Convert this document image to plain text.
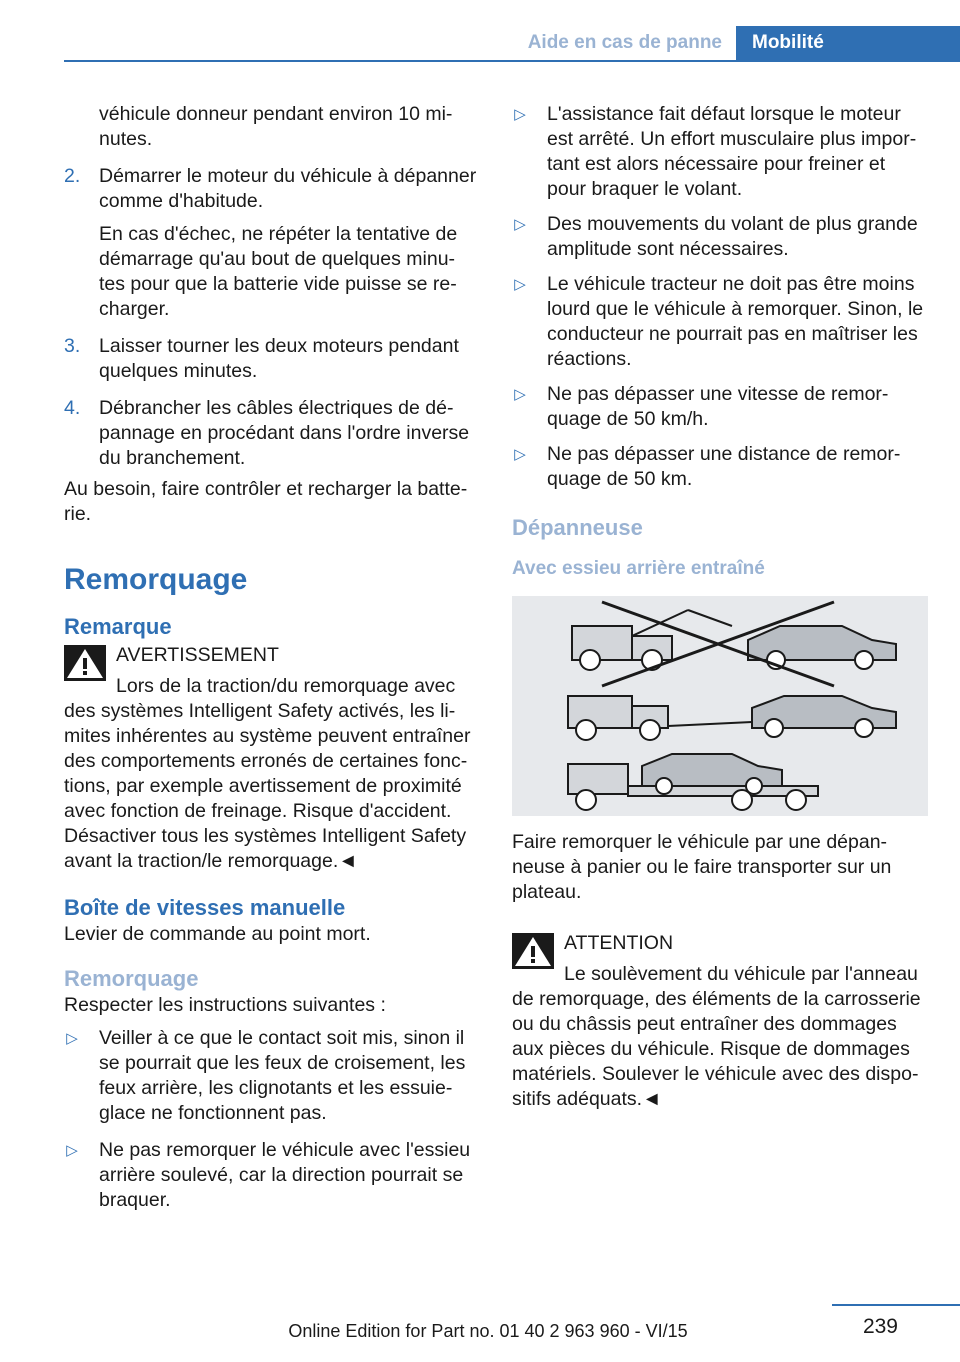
Aide en cas de panne	Mobilité
véhicule donneur pendant environ 10 mi-
nutes.
2. Démarrer le moteur du véhicule à dépanner
comme d'habitude.
En cas d'échec, ne répéter la tentative de
démarrage qu'au bout de quelques minu-
tes pour que la batterie vide puisse se re-
charger.
3. Laisser tourner les deux moteurs pendant
quelques minutes.
4. Débrancher les câbles électriques de dé-
pannage en procédant dans l'ordre inverse
du branchement.

Au besoin, faire contrôler et recharger la batte-
rie.

Remorquage
Remarque
AVERTISSEMENT
Lors de la traction/du remorquage avec
des systèmes Intelligent Safety activés, les li-
mites inhérentes au système peuvent entraîner
des comportements erronés de certaines fonc-
tions, par exemple avertissement de proximité
avec fonction de freinage. Risque d'accident.
Désactiver tous les systèmes Intelligent Safety
avant la traction/le remorquage.◄
Boîte de vitesses manuelle
Levier de commande au point mort.
Remorquage
Respecter les instructions suivantes :
▷ Veiller à ce que le contact soit mis, sinon il
se pourrait que les feux de croisement, les
feux arrière, les clignotants et les essuie-
glace ne fonctionnent pas.
▷ Ne pas remorquer le véhicule avec l'essieu
arrière soulevé, car la direction pourrait se
braquer.
▷ L'assistance fait défaut lorsque le moteur
est arrêté. Un effort musculaire plus impor-
tant est alors nécessaire pour freiner et
pour braquer le volant.
▷ Des mouvements du volant de plus grande
amplitude sont nécessaires.
▷ Le véhicule tracteur ne doit pas être moins
lourd que le véhicule à remorquer. Sinon, le
conducteur ne pourrait pas en maîtriser les
réactions.
▷ Ne pas dépasser une vitesse de remor-
quage de 50 km/h.
▷ Ne pas dépasser une distance de remor-
quage de 50 km.
Dépanneuse
Avec essieu arrière entraîné

Faire remorquer le véhicule par une dépan-
neuse à panier ou le faire transporter sur un
plateau.

ATTENTION
Le soulèvement du véhicule par l'anneau
de remorquage, des éléments de la carrosserie
ou du châssis peut entraîner des dommages
aux pièces du véhicule. Risque de dommages
matériels. Soulever le véhicule avec des dispo-
sitifs adéquats.◄
239
Online Edition for Part no. 01 40 2 963 960 - VI/15
